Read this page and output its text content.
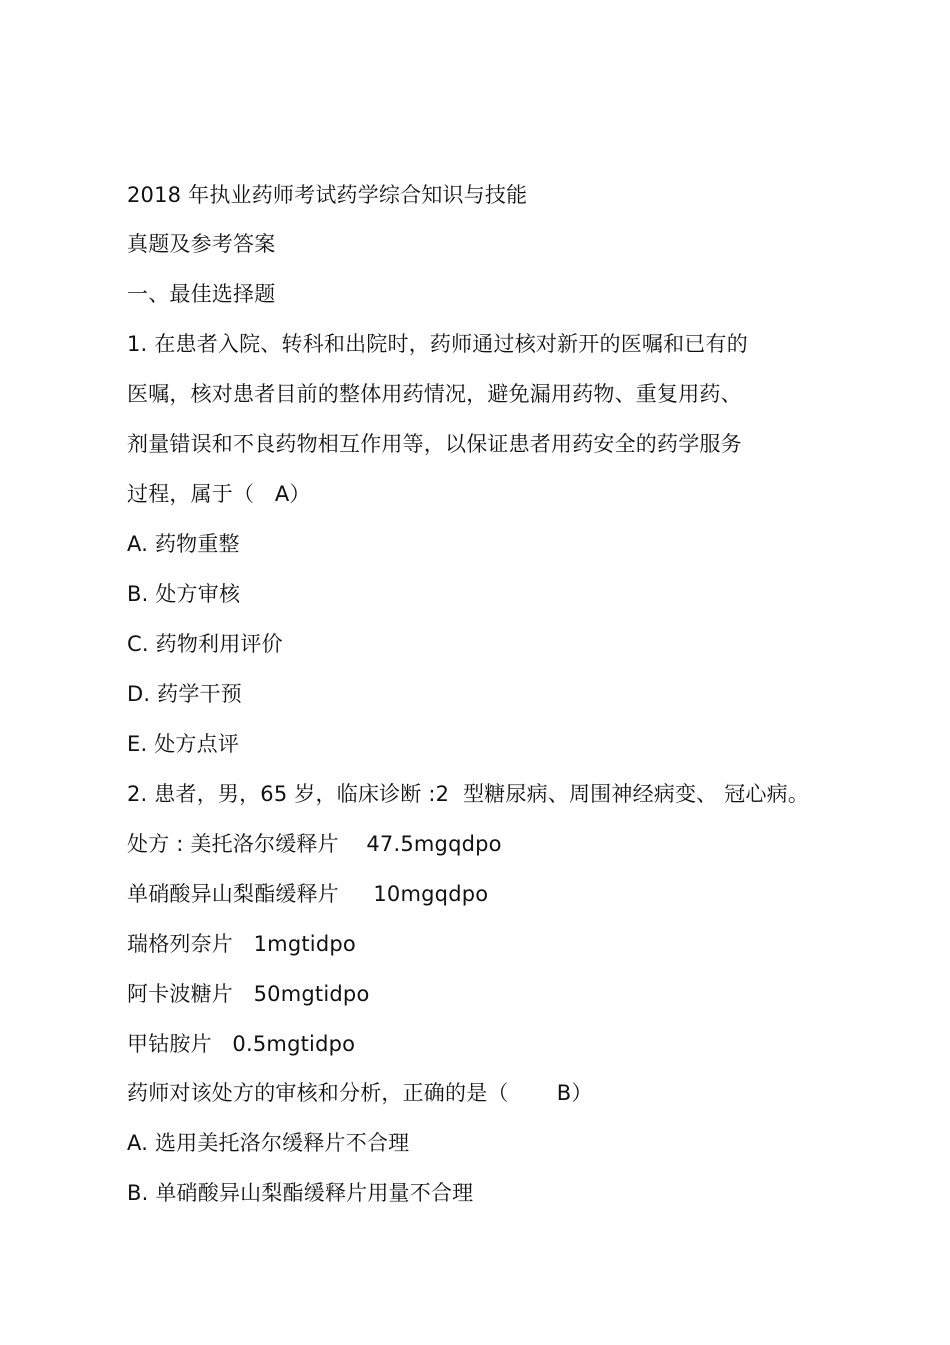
2018 年执业药师考试药学综合知识与技能
真题及参考答案
一、最佳选择题
1. 在患者入院、转科和出院时，药师通过核对新开的医嘱和已有的
医嘱，核对患者目前的整体用药情况，避免漏用药物、重复用药、
剂量错误和不良药物相互作用等，以保证患者用药安全的药学服务
过程，属于（   A）
A. 药物重整
B. 处方审核
C. 药物利用评价
D. 药学干预
E. 处方点评
2. 患者，男，65 岁，临床诊断 :2  型糖尿病、周围神经病变、 冠心病。
处方 : 美托洛尔缓释片    47.5mgqdpo
单硝酸异山梨酯缓释片     10mgqdpo
瑞格列奈片   1mgtidpo
阿卡波糖片   50mgtidpo
甲钴胺片   0.5mgtidpo
药师对该处方的审核和分析，正确的是（       B）
A. 选用美托洛尔缓释片不合理
B. 单硝酸异山梨酯缓释片用量不合理
